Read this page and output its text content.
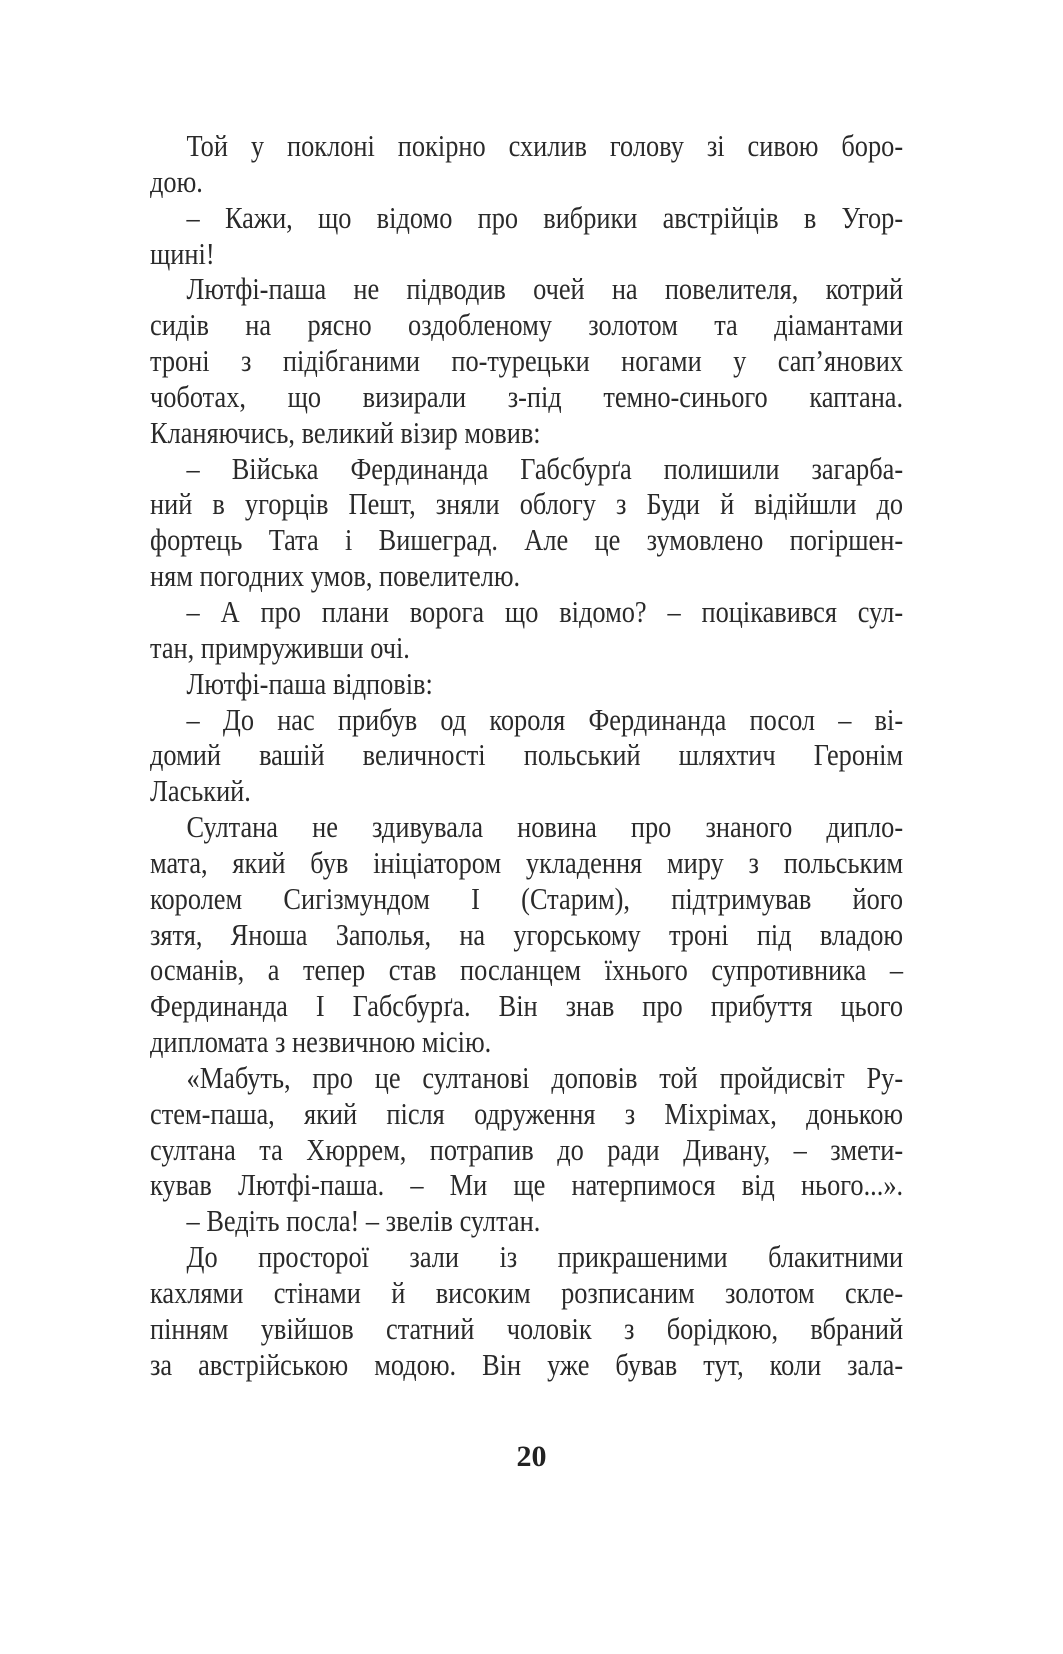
Той у поклоні покірно схилив голову зі сивою боро-
дою.
– Кажи, що відомо про вибрики австрійців в Угор-
щині!
Лютфі-паша не підводив очей на повелителя, котрий
сидів на рясно оздобленому золотом та діамантами
троні з підібганими по-турецьки ногами у сап’янових
чоботах, що визирали з-під темно-синього каптана.
Кланяючись, великий візир мовив:
– Війська Фердинанда Габсбурґа полишили загарба-
ний в угорців Пешт, зняли облогу з Буди й відійшли до
фортець Тата і Вишеград. Але це зумовлено погіршен-
ням погодних умов, повелителю.
– А про плани ворога що відомо? – поцікавився сул-
тан, примруживши очі.
Лютфі-паша відповів:
– До нас прибув од короля Фердинанда посол – ві-
домий вашій величності польський шляхтич Геронім
Ласький.
Султана не здивувала новина про знаного дипло-
мата, який був ініціатором укладення миру з польським
королем Сигізмундом І (Старим), підтримував його
зятя, Яноша Заполья, на угорському троні під владою
османів, а тепер став посланцем їхнього супротивника –
Фердинанда І Габсбурґа. Він знав про прибуття цього
дипломата з незвичною місію.
«Мабуть, про це султанові доповів той пройдисвіт Ру-
стем-паша, який після одруження з Міхрімах, донькою
султана та Хюррем, потрапив до ради Дивану, – змети-
кував Лютфі-паша. – Ми ще натерпимося від нього...».
– Ведіть посла! – звелів султан.
До просторої зали із прикрашеними блакитними
кахлями стінами й високим розписаним золотом скле-
пінням увійшов статний чоловік з борідкою, вбраний
за австрійською модою. Він уже бував тут, коли зала-
20
